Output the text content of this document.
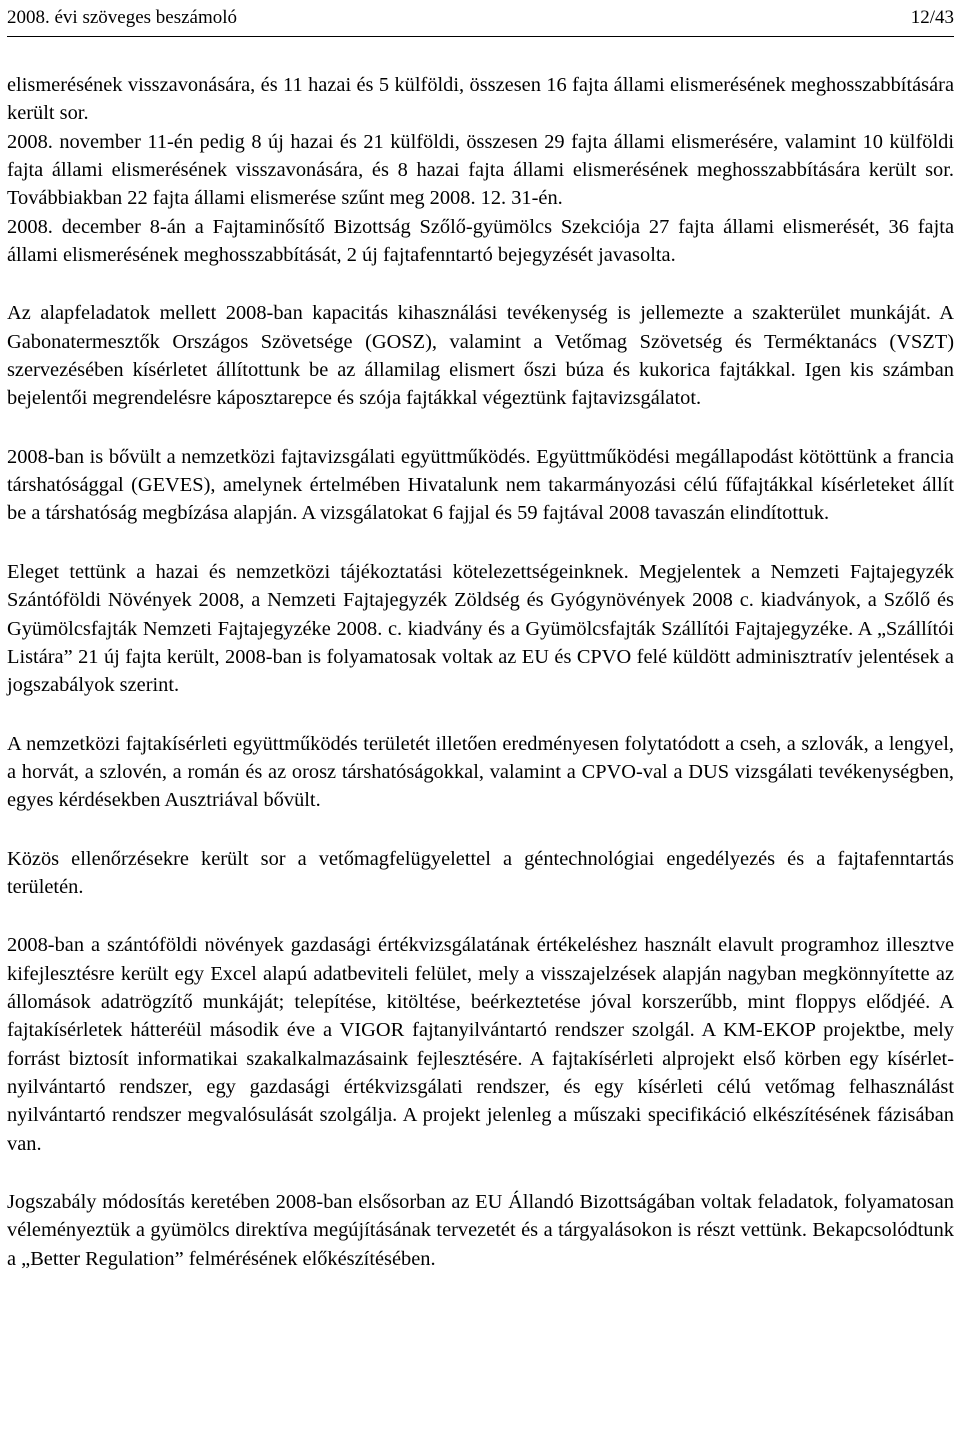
2008. évi szöveges beszámoló	12/43

elismerésének visszavonására, és 11 hazai és 5 külföldi, összesen 16 fajta állami elismerésének meghosszabbítására került sor.

2008. november 11-én pedig 8 új hazai és 21 külföldi, összesen 29 fajta állami elismerésére, valamint 10 külföldi fajta állami elismerésének visszavonására, és 8 hazai fajta állami elismerésének meghosszabbítására került sor. Továbbiakban 22 fajta állami elismerése szűnt meg 2008. 12. 31-én.

2008. december 8-án a Fajtaminősítő Bizottság Szőlő-gyümölcs Szekciója 27 fajta állami elismerését, 36 fajta állami elismerésének meghosszabbítását, 2 új fajtafenntartó bejegyzését javasolta.

Az alapfeladatok mellett 2008-ban kapacitás kihasználási tevékenység is jellemezte a szakterület munkáját. A Gabonatermesztők Országos Szövetsége (GOSZ), valamint a Vetőmag Szövetség és Terméktanács (VSZT) szervezésében kísérletet állítottunk be az államilag elismert őszi búza és kukorica fajtákkal. Igen kis számban bejelentői megrendelésre káposztarepce és szója fajtákkal végeztünk fajtavizsgálatot.

2008-ban is bővült a nemzetközi fajtavizsgálati együttműködés. Együttműködési megállapodást kötöttünk a francia társhatósággal (GEVES), amelynek értelmében Hivatalunk nem takarmányozási célú fűfajtákkal kísérleteket állít be a társhatóság megbízása alapján. A vizsgálatokat 6 fajjal és 59 fajtával 2008 tavaszán elindítottuk.

Eleget tettünk a hazai és nemzetközi tájékoztatási kötelezettségeinknek. Megjelentek a Nemzeti Fajtajegyzék Szántóföldi Növények 2008, a Nemzeti Fajtajegyzék Zöldség és Gyógynövények 2008 c. kiadványok, a Szőlő és Gyümölcsfajták Nemzeti Fajtajegyzéke 2008. c. kiadvány és a Gyümölcsfajták Szállítói Fajtajegyzéke. A „Szállítói Listára” 21 új fajta került, 2008-ban is folyamatosak voltak az EU és CPVO felé küldött adminisztratív jelentések a jogszabályok szerint.

A nemzetközi fajtakísérleti együttműködés területét illetően eredményesen folytatódott a cseh, a szlovák, a lengyel, a horvát, a szlovén, a román és az orosz társhatóságokkal, valamint a CPVO-val a DUS vizsgálati tevékenységben, egyes kérdésekben Ausztriával bővült.

Közös ellenőrzésekre került sor a vetőmagfelügyelettel a géntechnológiai engedélyezés és a fajtafenntartás területén.

2008-ban a szántóföldi növények gazdasági értékvizsgálatának értékeléshez használt elavult programhoz illesztve kifejlesztésre került egy Excel alapú adatbeviteli felület, mely a visszajelzések alapján nagyban megkönnyítette az állomások adatrögzítő munkáját; telepítése, kitöltése, beérkeztetése jóval korszerűbb, mint floppys elődjéé. A fajtakísérletek hátteréül második éve a VIGOR fajtanyilvántartó rendszer szolgál. A KM-EKOP projektbe, mely forrást biztosít informatikai szakalkalmazásaink fejlesztésére. A fajtakísérleti alprojekt első körben egy kísérlet-nyilvántartó rendszer, egy gazdasági értékvizsgálati rendszer, és egy kísérleti célú vetőmag felhasználást nyilvántartó rendszer megvalósulását szolgálja. A projekt jelenleg a műszaki specifikáció elkészítésének fázisában van.

Jogszabály módosítás keretében 2008-ban elsősorban az EU Állandó Bizottságában voltak feladatok, folyamatosan véleményeztük a gyümölcs direktíva megújításának tervezetét és a tárgyalásokon is részt vettünk. Bekapcsolódtunk a „Better Regulation” felmérésének előkészítésében.
